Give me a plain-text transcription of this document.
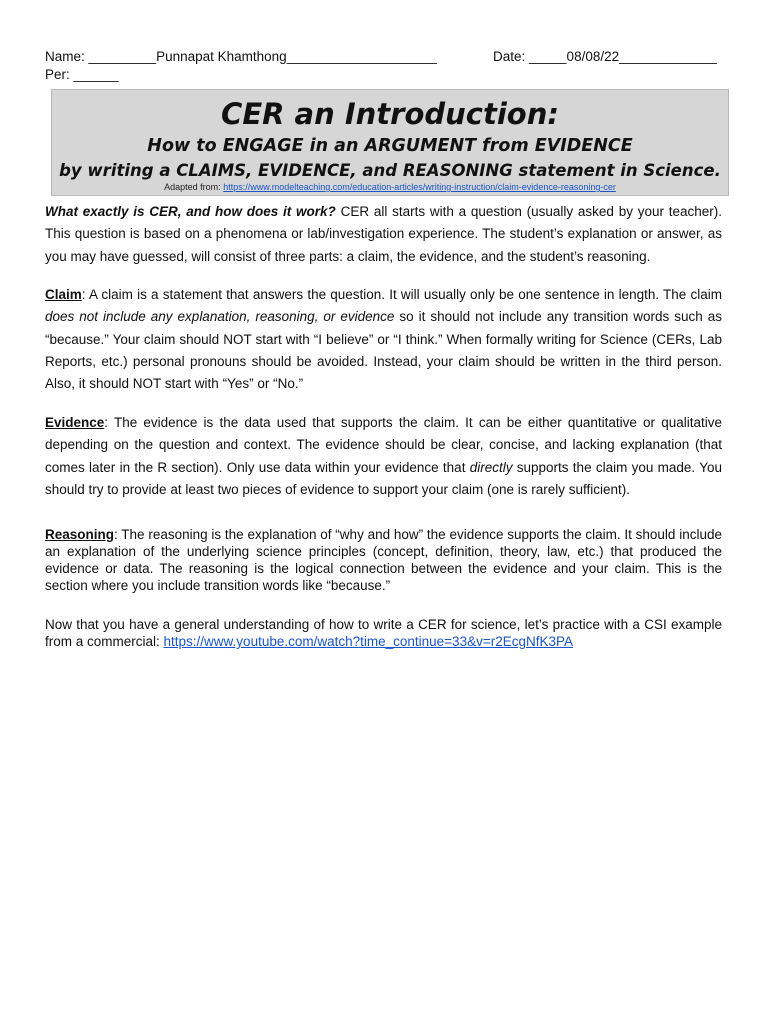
Name: _________Punnapat Khamthong____________________	Date: _____08/08/22_____________
Per: ______
CER an Introduction:
How to ENGAGE in an ARGUMENT from EVIDENCE
by writing a CLAIMS, EVIDENCE, and REASONING statement in Science.
Adapted from: https://www.modelteaching.com/education-articles/writing-instruction/claim-evidence-reasoning-cer
What exactly is CER, and how does it work? CER all starts with a question (usually asked by your teacher). This question is based on a phenomena or lab/investigation experience. The student’s explanation or answer, as you may have guessed, will consist of three parts: a claim, the evidence, and the student’s reasoning.
Claim: A claim is a statement that answers the question. It will usually only be one sentence in length. The claim does not include any explanation, reasoning, or evidence so it should not include any transition words such as “because.” Your claim should NOT start with “I believe” or “I think.” When formally writing for Science (CERs, Lab Reports, etc.) personal pronouns should be avoided. Instead, your claim should be written in the third person. Also, it should NOT start with “Yes” or “No.”
Evidence: The evidence is the data used that supports the claim. It can be either quantitative or qualitative depending on the question and context. The evidence should be clear, concise, and lacking explanation (that comes later in the R section). Only use data within your evidence that directly supports the claim you made. You should try to provide at least two pieces of evidence to support your claim (one is rarely sufficient).
Reasoning: The reasoning is the explanation of “why and how” the evidence supports the claim. It should include an explanation of the underlying science principles (concept, definition, theory, law, etc.) that produced the evidence or data. The reasoning is the logical connection between the evidence and your claim. This is the section where you include transition words like “because.”
Now that you have a general understanding of how to write a CER for science, let’s practice with a CSI example from a commercial: https://www.youtube.com/watch?time_continue=33&v=r2EcgNfK3PA
